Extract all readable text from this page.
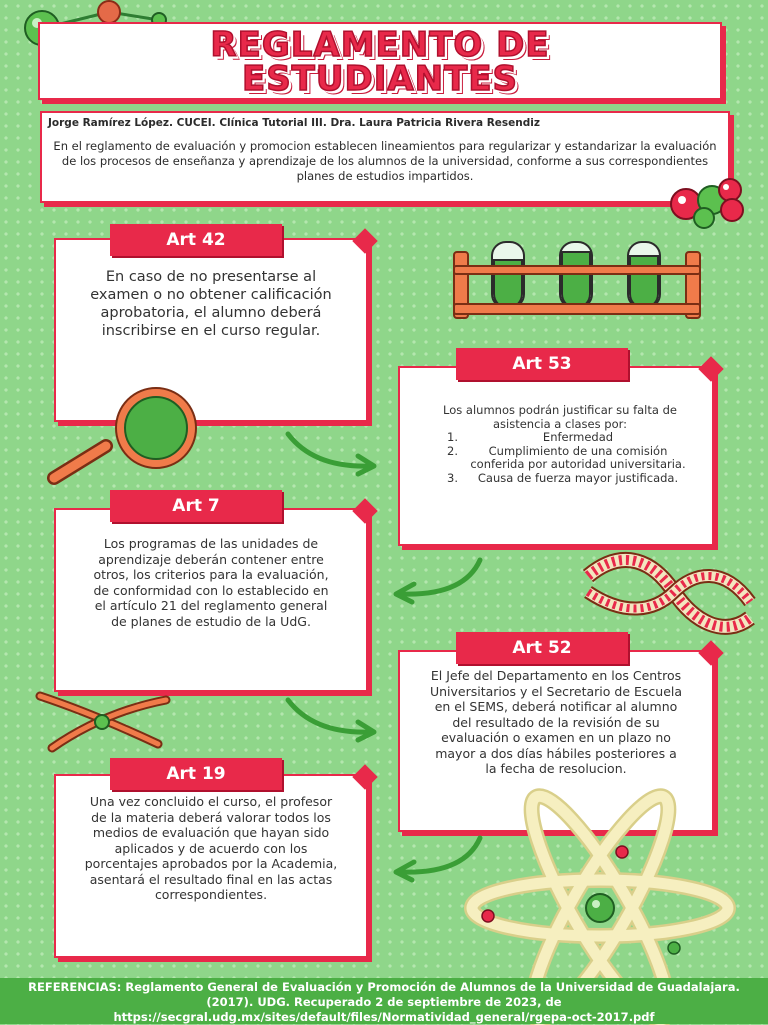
REGLAMENTO DE
ESTUDIANTES
Jorge Ramírez López. CUCEI. Clínica Tutorial III. Dra. Laura Patricia Rivera Resendiz
En el reglamento de evaluación y promocion establecen lineamientos para regularizar y estandarizar la evaluación de los procesos de enseñanza y aprendizaje de los alumnos de la universidad, conforme a sus correspondientes planes de estudios impartidos.
En caso de no presentarse al examen o no obtener calificación aprobatoria, el alumno deberá inscribirse en el curso regular.
Art 42
Los alumnos podrán justificar su falta de asistencia a clases por:
1.	Enfermedad
2.	Cumplimiento de una comisión conferida por autoridad universitaria.
3.	Causa de fuerza mayor justificada.
Art 53
Los programas de las unidades de aprendizaje deberán contener entre otros, los criterios para la evaluación, de conformidad con lo establecido en el artículo 21 del reglamento general de planes de estudio de la UdG.
Art 7
El Jefe del Departamento en los Centros Universitarios y el Secretario de Escuela en el SEMS, deberá notificar al alumno del resultado de la revisión de su evaluación o examen en un plazo no mayor a dos días hábiles posteriores a la fecha de resolucion.
Art 52
Una vez concluido el curso, el profesor de la materia deberá valorar todos los medios de evaluación que hayan sido aplicados y de acuerdo con los porcentajes aprobados por la Academia, asentará el resultado final en las actas correspondientes.
Art 19
REFERENCIAS: Reglamento General de Evaluación y Promoción de Alumnos de la Universidad de Guadalajara. (2017). UDG. Recuperado 2 de septiembre de 2023, de https://secgral.udg.mx/sites/default/files/Normatividad_general/rgepa-oct-2017.pdf
